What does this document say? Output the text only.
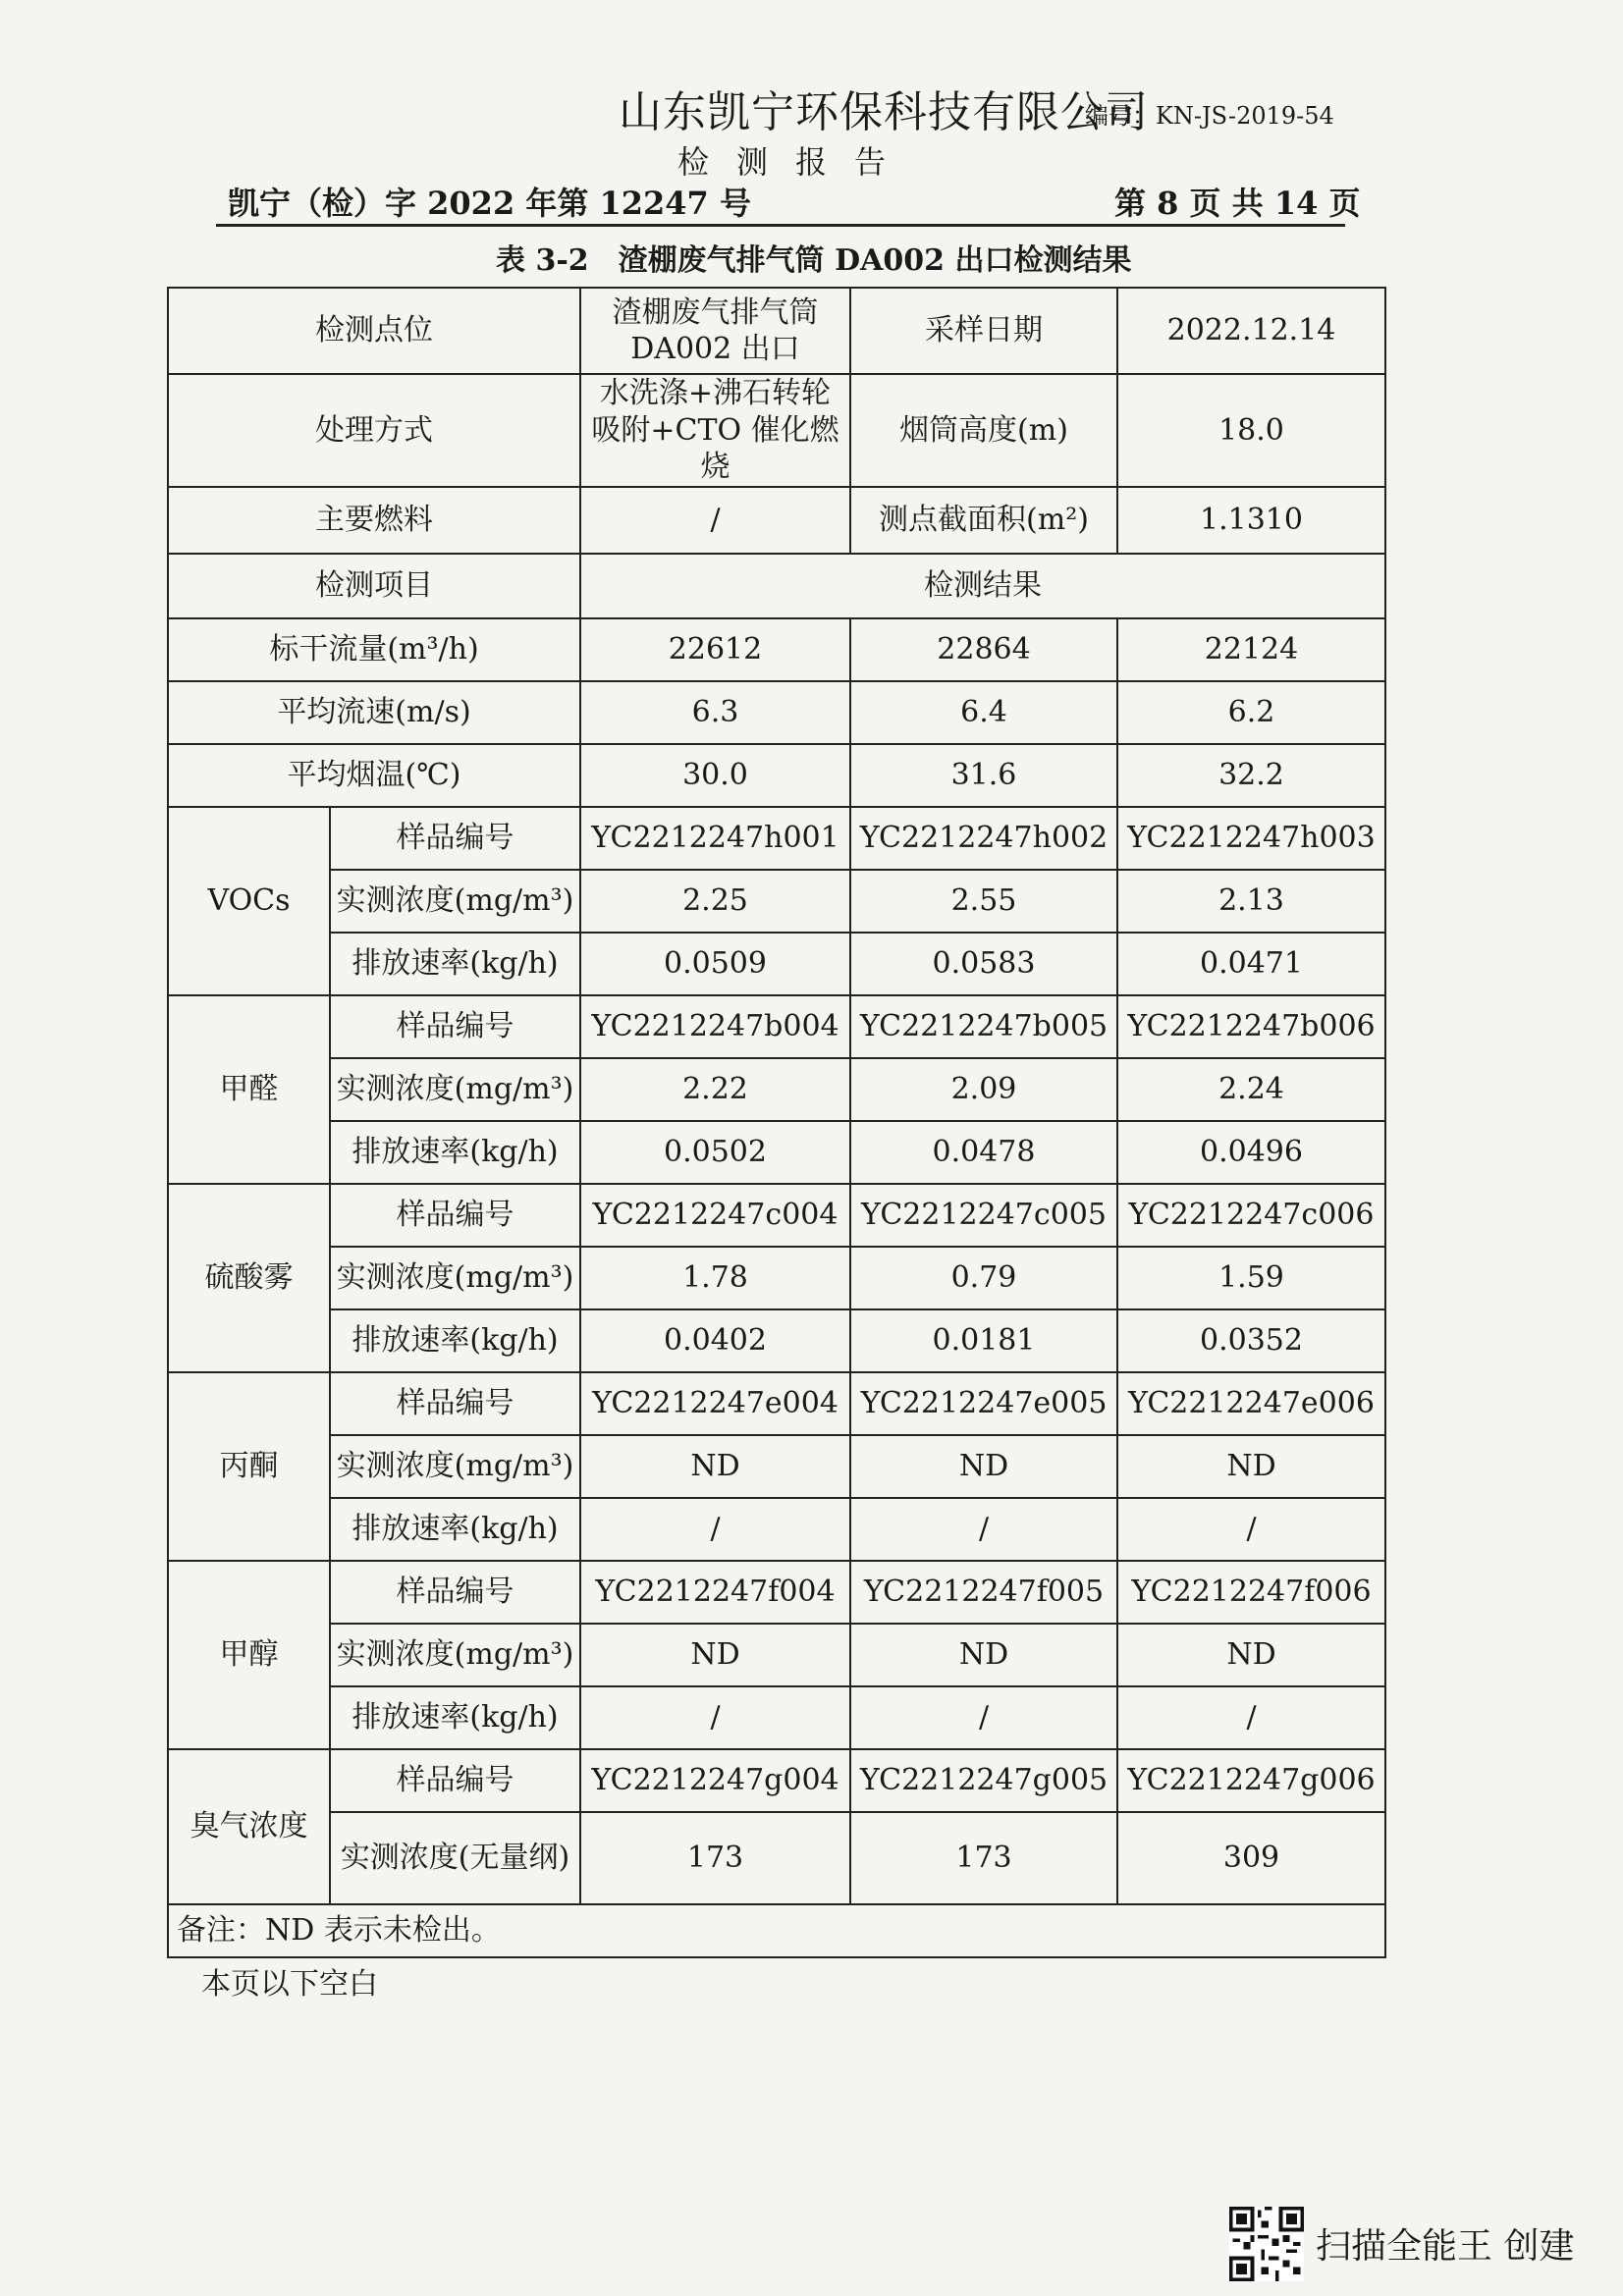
山东凯宁环保科技有限公司
编号：KN-JS-2019-54
检测报告
凯宁（检）字 2022 年第 12247 号	第 8 页 共 14 页
表 3-2　渣棚废气排气筒 DA002 出口检测结果
检测点位		渣棚废气排气筒 DA002 出口	采样日期	2022.12.14
处理方式		水洗涤+沸石转轮吸附+CTO 催化燃烧	烟筒高度(m)	18.0
主要燃料		/	测点截面积(m²)	1.1310
检测项目		检测结果		
标干流量(m³/h)		22612	22864	22124
平均流速(m/s)		6.3	6.4	6.2
平均烟温(℃)		30.0	31.6	32.2
VOCs	样品编号	YC2212247h001	YC2212247h002	YC2212247h003
	实测浓度(mg/m³)	2.25	2.55	2.13
	排放速率(kg/h)	0.0509	0.0583	0.0471
甲醛	样品编号	YC2212247b004	YC2212247b005	YC2212247b006
	实测浓度(mg/m³)	2.22	2.09	2.24
	排放速率(kg/h)	0.0502	0.0478	0.0496
硫酸雾	样品编号	YC2212247c004	YC2212247c005	YC2212247c006
	实测浓度(mg/m³)	1.78	0.79	1.59
	排放速率(kg/h)	0.0402	0.0181	0.0352
丙酮	样品编号	YC2212247e004	YC2212247e005	YC2212247e006
	实测浓度(mg/m³)	ND	ND	ND
	排放速率(kg/h)	/	/	/
甲醇	样品编号	YC2212247f004	YC2212247f005	YC2212247f006
	实测浓度(mg/m³)	ND	ND	ND
	排放速率(kg/h)	/	/	/
臭气浓度	样品编号	YC2212247g004	YC2212247g005	YC2212247g006
	实测浓度(无量纲)	173	173	309
备注：ND 表示未检出。				
本页以下空白
扫描全能王 创建
